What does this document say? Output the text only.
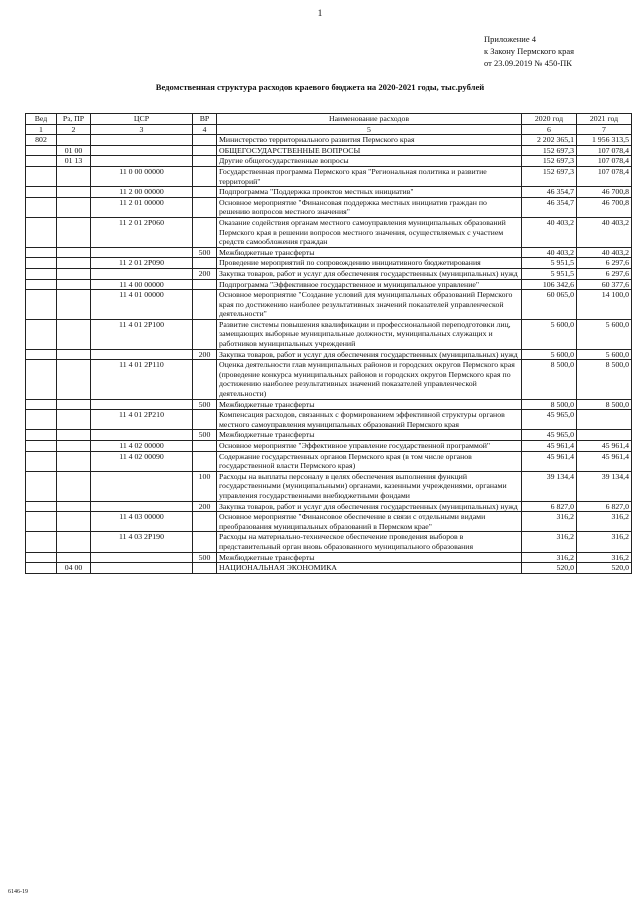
1
Приложение 4
к Закону Пермского края
от 23.09.2019 № 450-ПК
Ведомственная структура расходов краевого бюджета на 2020-2021 годы, тыс.рублей
Вед	Рз, ПР	ЦСР	ВР	Наименование расходов	2020 год	2021 год
1	2	3	4	5	6	7
802				Министерство территориального развития Пермского края	2 202 365,1	1 956 313,5
	01 00			ОБЩЕГОСУДАРСТВЕННЫЕ ВОПРОСЫ	152 697,3	107 078,4
	01 13			Другие общегосударственные вопросы	152 697,3	107 078,4
		11 0 00 00000		Государственная программа Пермского края "Региональная политика и развитие территорий"	152 697,3	107 078,4
		11 2 00 00000		Подпрограмма "Поддержка проектов местных инициатив"	46 354,7	46 700,8
		11 2 01 00000		Основное мероприятие "Финансовая поддержка местных инициатив граждан по решению вопросов местного значения"	46 354,7	46 700,8
		11 2 01 2Р060		Оказание содействия органам местного самоуправления муниципальных образований Пермского края в решении вопросов местного значения, осуществляемых с участием средств самообложения граждан	40 403,2	40 403,2
			500	Межбюджетные трансферты	40 403,2	40 403,2
		11 2 01 2Р090		Проведение мероприятий по сопровождению инициативного бюджетирования	5 951,5	6 297,6
			200	Закупка товаров, работ и услуг для обеспечения государственных (муниципальных) нужд	5 951,5	6 297,6
		11 4 00 00000		Подпрограмма "Эффективное государственное и муниципальное управление"	106 342,6	60 377,6
		11 4 01 00000		Основное мероприятие "Создание условий для муниципальных образований Пермского края по достижению наиболее результативных значений показателей управленческой деятельности"	60 065,0	14 100,0
		11 4 01 2Р100		Развитие системы повышения квалификации и профессиональной переподготовки лиц, замещающих выборные муниципальные должности, муниципальных служащих и работников муниципальных учреждений	5 600,0	5 600,0
			200	Закупка товаров, работ и услуг для обеспечения государственных (муниципальных) нужд	5 600,0	5 600,0
		11 4 01 2Р110		Оценка деятельности глав муниципальных районов и городских округов Пермского края (проведение конкурса муниципальных районов и городских округов Пермского края по достижению наиболее результативных значений показателей управленческой деятельности)	8 500,0	8 500,0
			500	Межбюджетные трансферты	8 500,0	8 500,0
		11 4 01 2Р210		Компенсация расходов, связанных с формированием эффективной структуры органов местного самоуправления муниципальных образований Пермского края	45 965,0	
			500	Межбюджетные трансферты	45 965,0	
		11 4 02 00000		Основное мероприятие "Эффективное управление государственной программой"	45 961,4	45 961,4
		11 4 02 00090		Содержание государственных органов Пермского края (в том числе органов государственной власти Пермского края)	45 961,4	45 961,4
			100	Расходы на выплаты персоналу в целях обеспечения выполнения функций государственными (муниципальными) органами, казенными учреждениями, органами управления государственными внебюджетными фондами	39 134,4	39 134,4
			200	Закупка товаров, работ и услуг для обеспечения государственных (муниципальных) нужд	6 827,0	6 827,0
		11 4 03 00000		Основное мероприятие "Финансовое обеспечение в связи с отдельными видами преобразования муниципальных образований в Пермском крае"	316,2	316,2
		11 4 03 2Р190		Расходы на материально-техническое обеспечение проведения выборов в представительный орган вновь образованного муниципального образования	316,2	316,2
			500	Межбюджетные трансферты	316,2	316,2
	04 00			НАЦИОНАЛЬНАЯ ЭКОНОМИКА	520,0	520,0
6146-19
